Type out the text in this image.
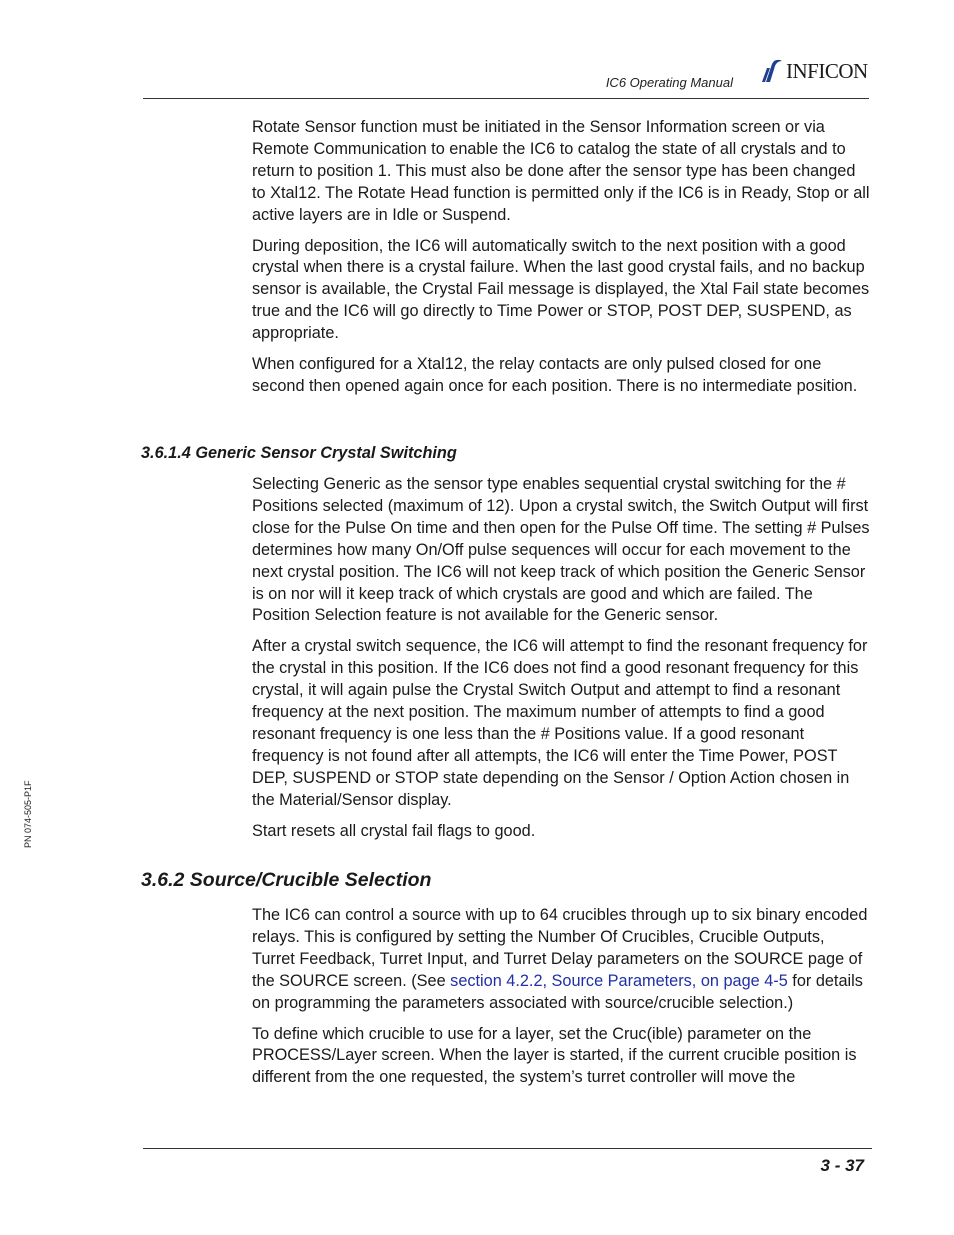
IC6 Operating Manual	INFICON
PN 074-505-P1F

Rotate Sensor function must be initiated in the Sensor Information screen or via Remote Communication to enable the IC6 to catalog the state of all crystals and to return to position 1. This must also be done after the sensor type has been changed to Xtal12. The Rotate Head function is permitted only if the IC6 is in Ready, Stop or all active layers are in Idle or Suspend.

During deposition, the IC6 will automatically switch to the next position with a good crystal when there is a crystal failure. When the last good crystal fails, and no backup sensor is available, the Crystal Fail message is displayed, the Xtal Fail state becomes true and the IC6 will go directly to Time Power or STOP, POST DEP, SUSPEND, as appropriate.

When configured for a Xtal12, the relay contacts are only pulsed closed for one second then opened again once for each position. There is no intermediate position.

3.6.1.4 Generic Sensor Crystal Switching

Selecting Generic as the sensor type enables sequential crystal switching for the # Positions selected (maximum of 12). Upon a crystal switch, the Switch Output will first close for the Pulse On time and then open for the Pulse Off time. The setting # Pulses determines how many On/Off pulse sequences will occur for each movement to the next crystal position. The IC6 will not keep track of which position the Generic Sensor is on nor will it keep track of which crystals are good and which are failed. The Position Selection feature is not available for the Generic sensor.

After a crystal switch sequence, the IC6 will attempt to find the resonant frequency for the crystal in this position. If the IC6 does not find a good resonant frequency for this crystal, it will again pulse the Crystal Switch Output and attempt to find a resonant frequency at the next position. The maximum number of attempts to find a good resonant frequency is one less than the # Positions value. If a good resonant frequency is not found after all attempts, the IC6 will enter the Time Power, POST DEP, SUSPEND or STOP state depending on the Sensor / Option Action chosen in the Material/Sensor display.

Start resets all crystal fail flags to good.

3.6.2 Source/Crucible Selection

The IC6 can control a source with up to 64 crucibles through up to six binary encoded relays. This is configured by setting the Number Of Crucibles, Crucible Outputs, Turret Feedback, Turret Input, and Turret Delay parameters on the SOURCE page of the SOURCE screen. (See section 4.2.2, Source Parameters, on page 4-5 for details on programming the parameters associated with source/crucible selection.)

To define which crucible to use for a layer, set the Cruc(ible) parameter on the PROCESS/Layer screen. When the layer is started, if the current crucible position is different from the one requested, the system’s turret controller will move the

3 - 37
